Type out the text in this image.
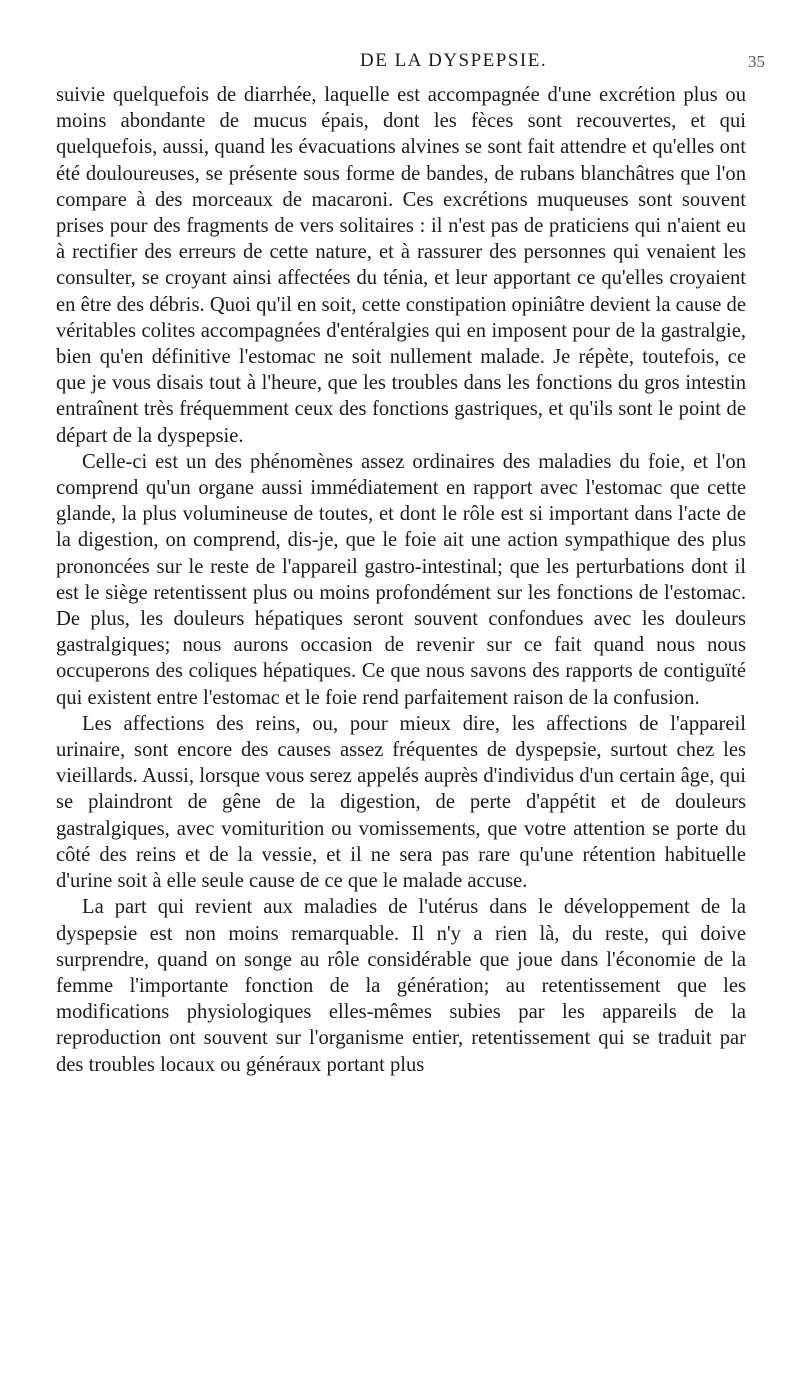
DE LA DYSPEPSIE.	35

suivie quelquefois de diarrhée, laquelle est accompagnée d'une excrétion plus ou moins abondante de mucus épais, dont les fèces sont recouvertes, et qui quelquefois, aussi, quand les évacuations alvines se sont fait attendre et qu'elles ont été douloureuses, se présente sous forme de bandes, de rubans blanchâtres que l'on compare à des morceaux de macaroni. Ces excrétions muqueuses sont souvent prises pour des fragments de vers solitaires : il n'est pas de praticiens qui n'aient eu à rectifier des erreurs de cette nature, et à rassurer des personnes qui venaient les consulter, se croyant ainsi affectées du ténia, et leur apportant ce qu'elles croyaient en être des débris. Quoi qu'il en soit, cette constipation opiniâtre devient la cause de véritables colites accompagnées d'entéralgies qui en imposent pour de la gastralgie, bien qu'en définitive l'estomac ne soit nullement malade. Je répète, toutefois, ce que je vous disais tout à l'heure, que les troubles dans les fonctions du gros intestin entraînent très fréquemment ceux des fonctions gastriques, et qu'ils sont le point de départ de la dyspepsie.

Celle-ci est un des phénomènes assez ordinaires des maladies du foie, et l'on comprend qu'un organe aussi immédiatement en rapport avec l'estomac que cette glande, la plus volumineuse de toutes, et dont le rôle est si important dans l'acte de la digestion, on comprend, dis-je, que le foie ait une action sympathique des plus prononcées sur le reste de l'appareil gastro-intestinal; que les perturbations dont il est le siège retentissent plus ou moins profondément sur les fonctions de l'estomac. De plus, les douleurs hépatiques seront souvent confondues avec les douleurs gastralgiques; nous aurons occasion de revenir sur ce fait quand nous nous occuperons des coliques hépatiques. Ce que nous savons des rapports de contiguïté qui existent entre l'estomac et le foie rend parfaitement raison de la confusion.

Les affections des reins, ou, pour mieux dire, les affections de l'appareil urinaire, sont encore des causes assez fréquentes de dyspepsie, surtout chez les vieillards. Aussi, lorsque vous serez appelés auprès d'individus d'un certain âge, qui se plaindront de gêne de la digestion, de perte d'appétit et de douleurs gastralgiques, avec vomiturition ou vomissements, que votre attention se porte du côté des reins et de la vessie, et il ne sera pas rare qu'une rétention habituelle d'urine soit à elle seule cause de ce que le malade accuse.

La part qui revient aux maladies de l'utérus dans le développement de la dyspepsie est non moins remarquable. Il n'y a rien là, du reste, qui doive surprendre, quand on songe au rôle considérable que joue dans l'économie de la femme l'importante fonction de la génération; au retentissement que les modifications physiologiques elles-mêmes subies par les appareils de la reproduction ont souvent sur l'organisme entier, retentissement qui se traduit par des troubles locaux ou généraux portant plus
